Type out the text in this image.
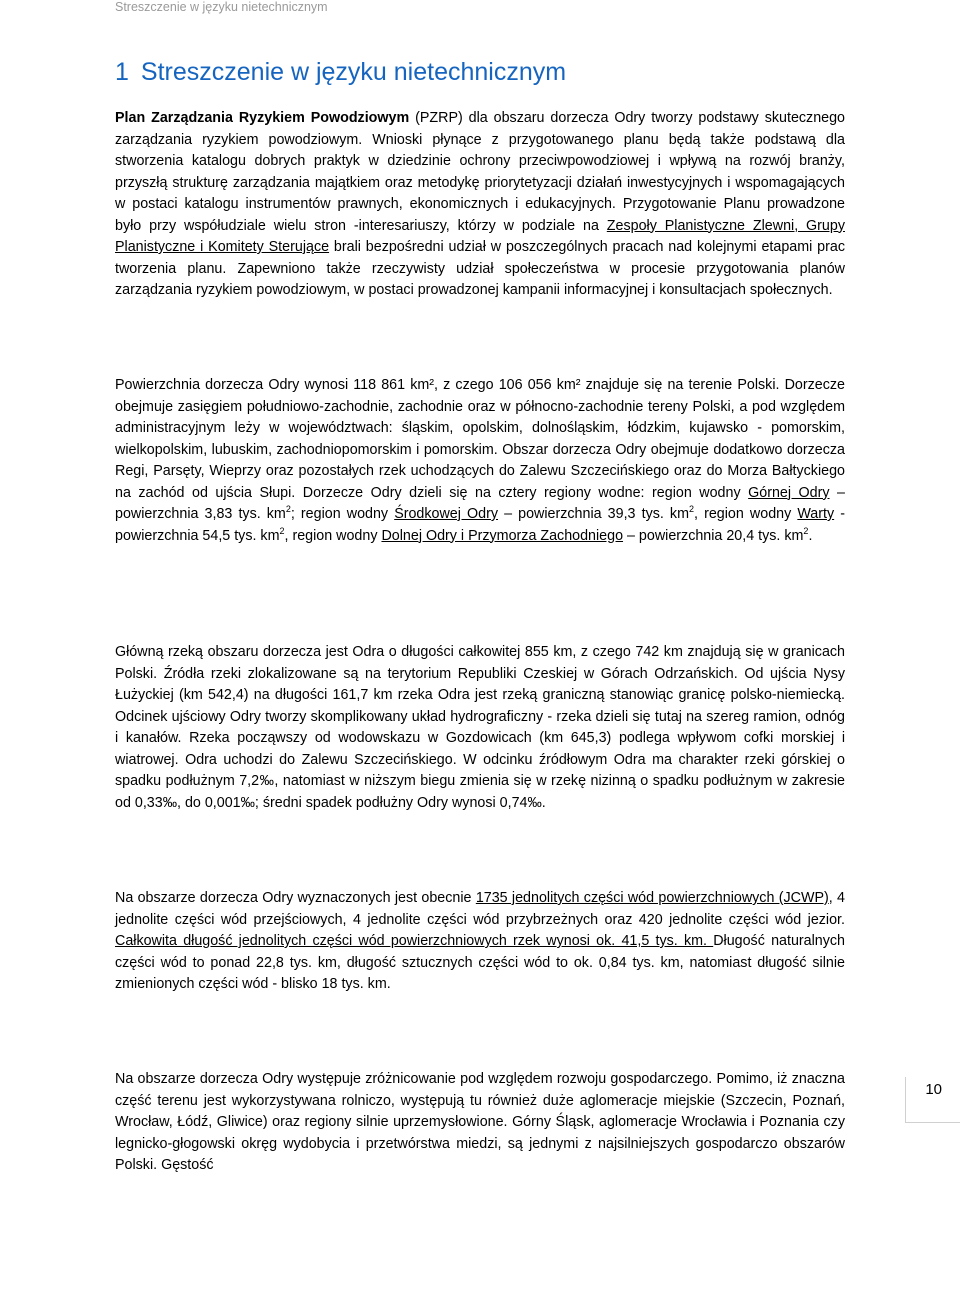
Streszczenie w języku nietechnicznym
1 Streszczenie w języku nietechnicznym

Plan Zarządzania Ryzykiem Powodziowym (PZRP) dla obszaru dorzecza Odry tworzy podstawy skutecznego zarządzania ryzykiem powodziowym. Wnioski płynące z przygotowanego planu będą także podstawą dla stworzenia katalogu dobrych praktyk w dziedzinie ochrony przeciwpowodziowej i wpływą na rozwój branży, przyszłą strukturę zarządzania majątkiem oraz metodykę priorytetyzacji działań inwestycyjnych i wspomagających w postaci katalogu instrumentów prawnych, ekonomicznych i edukacyjnych. Przygotowanie Planu prowadzone było przy współudziale wielu stron -interesariuszy, którzy w podziale na Zespoły Planistyczne Zlewni, Grupy Planistyczne i Komitety Sterujące brali bezpośredni udział w poszczególnych pracach nad kolejnymi etapami prac tworzenia planu. Zapewniono także rzeczywisty udział społeczeństwa w procesie przygotowania planów zarządzania ryzykiem powodziowym, w postaci prowadzonej kampanii informacyjnej i konsultacjach społecznych.

Powierzchnia dorzecza Odry wynosi 118 861 km², z czego 106 056 km² znajduje się na terenie Polski. Dorzecze obejmuje zasięgiem południowo-zachodnie, zachodnie oraz w północno-zachodnie tereny Polski, a pod względem administracyjnym leży w województwach: śląskim, opolskim, dolnośląskim, łódzkim, kujawsko - pomorskim, wielkopolskim, lubuskim, zachodniopomorskim i pomorskim. Obszar dorzecza Odry obejmuje dodatkowo dorzecza Regi, Parsęty, Wieprzy oraz pozostałych rzek uchodzących do Zalewu Szczecińskiego oraz do Morza Bałtyckiego na zachód od ujścia Słupi. Dorzecze Odry dzieli się na cztery regiony wodne: region wodny Górnej Odry – powierzchnia 3,83 tys. $km^2$; region wodny Środkowej Odry – powierzchnia 39,3 tys. $km^2$, region wodny Warty - powierzchnia 54,5 tys. $km^2$, region wodny Dolnej Odry i Przymorza Zachodniego – powierzchnia 20,4 tys. $km^2$.

Główną rzeką obszaru dorzecza jest Odra o długości całkowitej 855 km, z czego 742 km znajdują się w granicach Polski. Źródła rzeki zlokalizowane są na terytorium Republiki Czeskiej w Górach Odrzańskich. Od ujścia Nysy Łużyckiej (km 542,4) na długości 161,7 km rzeka Odra jest rzeką graniczną stanowiąc granicę polsko-niemiecką. Odcinek ujściowy Odry tworzy skomplikowany układ hydrograficzny - rzeka dzieli się tutaj na szereg ramion, odnóg i kanałów. Rzeka począwszy od wodowskazu w Gozdowicach (km 645,3) podlega wpływom cofki morskiej i wiatrowej. Odra uchodzi do Zalewu Szczecińskiego. W odcinku źródłowym Odra ma charakter rzeki górskiej o spadku podłużnym 7,2‰, natomiast w niższym biegu zmienia się w rzekę nizinną o spadku podłużnym w zakresie od 0,33‰, do 0,001‰; średni spadek podłużny Odry wynosi 0,74‰.

Na obszarze dorzecza Odry wyznaczonych jest obecnie 1735 jednolitych części wód powierzchniowych (JCWP), 4 jednolite części wód przejściowych, 4 jednolite części wód przybrzeżnych oraz 420 jednolite części wód jezior. Całkowita długość jednolitych części wód powierzchniowych rzek wynosi ok. 41,5 tys. km. Długość naturalnych części wód to ponad 22,8 tys. km, długość sztucznych części wód to ok. 0,84 tys. km, natomiast długość silnie zmienionych części wód - blisko 18 tys. km.

Na obszarze dorzecza Odry występuje zróżnicowanie pod względem rozwoju gospodarczego. Pomimo, iż znaczna część terenu jest wykorzystywana rolniczo, występują tu również duże aglomeracje miejskie (Szczecin, Poznań, Wrocław, Łódź, Gliwice) oraz regiony silnie uprzemysłowione. Górny Śląsk, aglomeracje Wrocławia i Poznania czy legnicko-głogowski okręg wydobycia i przetwórstwa miedzi, są jednymi z najsilniejszych gospodarczo obszarów Polski. Gęstość

10
